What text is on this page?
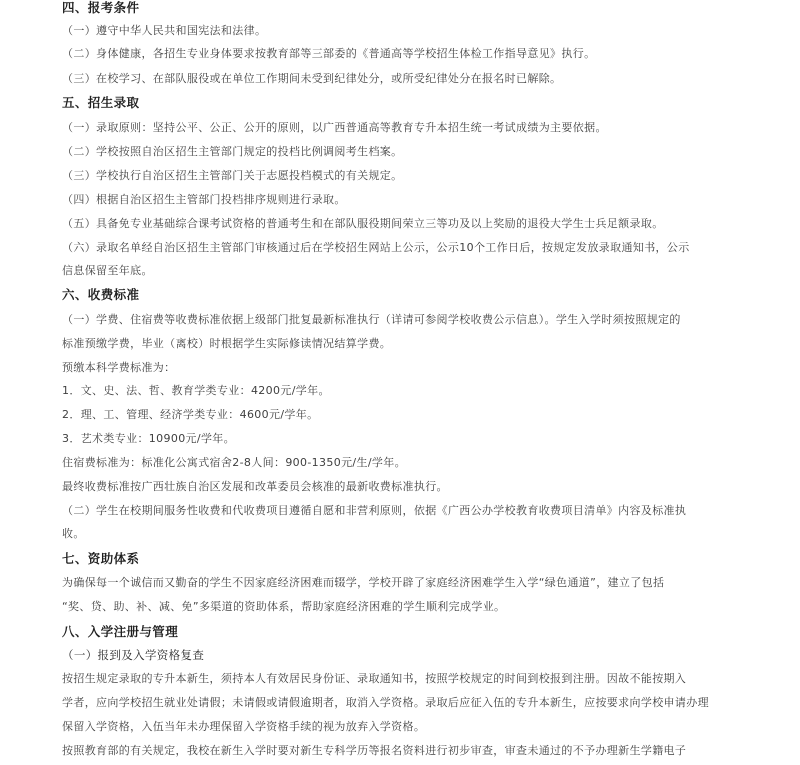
四、报考条件
（一）遵守中华人民共和国宪法和法律。
（二）身体健康，各招生专业身体要求按教育部等三部委的《普通高等学校招生体检工作指导意见》执行。
（三）在校学习、在部队服役或在单位工作期间未受到纪律处分，或所受纪律处分在报名时已解除。
五、招生录取
（一）录取原则：坚持公平、公正、公开的原则，以广西普通高等教育专升本招生统一考试成绩为主要依据。
（二）学校按照自治区招生主管部门规定的投档比例调阅考生档案。
（三）学校执行自治区招生主管部门关于志愿投档模式的有关规定。
（四）根据自治区招生主管部门投档排序规则进行录取。
（五）具备免专业基础综合课考试资格的普通考生和在部队服役期间荣立三等功及以上奖励的退役大学生士兵足额录取。
（六）录取名单经自治区招生主管部门审核通过后在学校招生网站上公示，公示10个工作日后，按规定发放录取通知书，公示
信息保留至年底。
六、收费标准
（一）学费、住宿费等收费标准依据上级部门批复最新标准执行（详请可参阅学校收费公示信息）。学生入学时须按照规定的
标准预缴学费，毕业（离校）时根据学生实际修读情况结算学费。
预缴本科学费标准为：
1．文、史、法、哲、教育学类专业：4200元/学年。
2．理、工、管理、经济学类专业：4600元/学年。
3．艺术类专业：10900元/学年。
住宿费标准为：标准化公寓式宿舍2-8人间：900-1350元/生/学年。
最终收费标准按广西壮族自治区发展和改革委员会核准的最新收费标准执行。
（二）学生在校期间服务性收费和代收费项目遵循自愿和非营利原则，依据《广西公办学校教育收费项目清单》内容及标准执
收。
七、资助体系
为确保每一个诚信而又勤奋的学生不因家庭经济困难而辍学，学校开辟了家庭经济困难学生入学“绿色通道”，建立了包括
“奖、贷、助、补、减、免”多渠道的资助体系，帮助家庭经济困难的学生顺利完成学业。
八、入学注册与管理
（一）报到及入学资格复查
按招生规定录取的专升本新生，须持本人有效居民身份证、录取通知书，按照学校规定的时间到校报到注册。因故不能按期入
学者，应向学校招生就业处请假；未请假或请假逾期者，取消入学资格。录取后应征入伍的专升本新生，应按要求向学校申请办理
保留入学资格，入伍当年未办理保留入学资格手续的视为放弃入学资格。
按照教育部的有关规定，我校在新生入学时要对新生专科学历等报名资料进行初步审查，审查未通过的不予办理新生学籍电子
